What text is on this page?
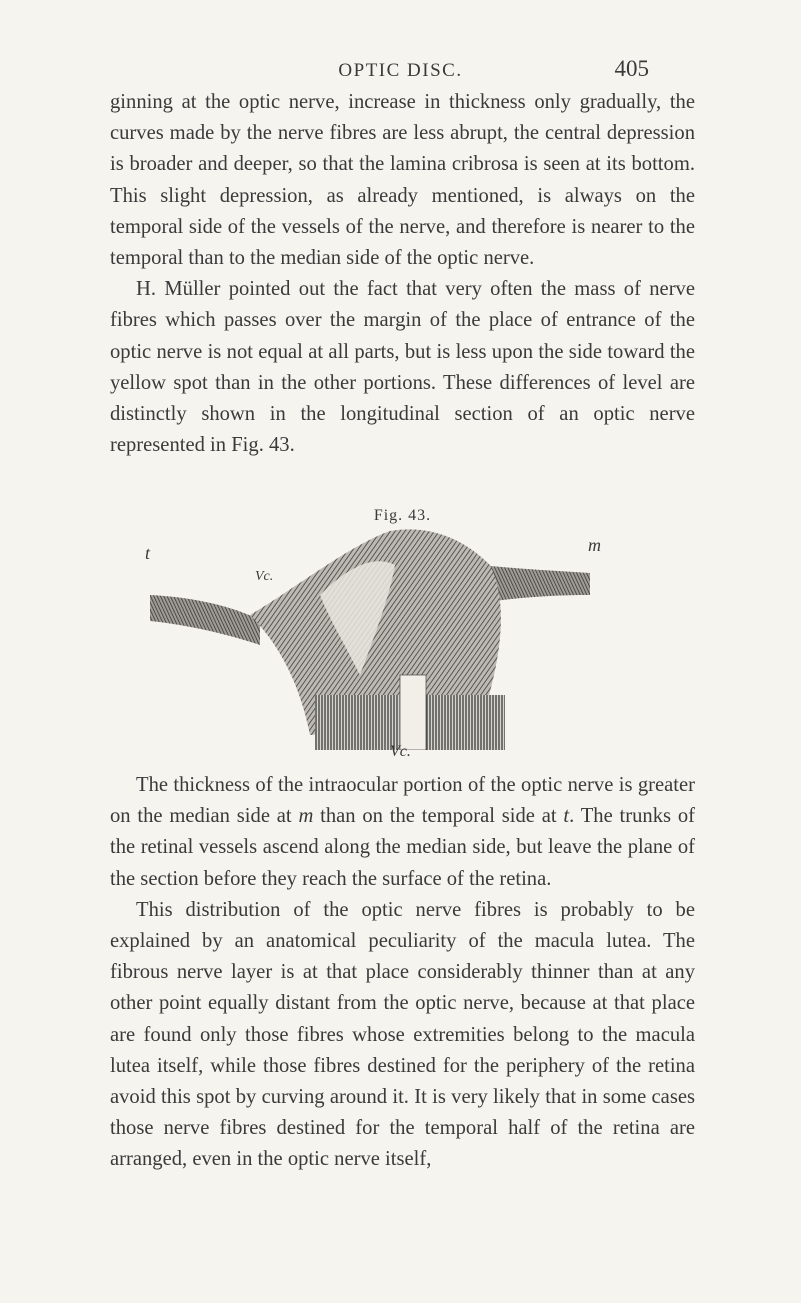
OPTIC DISC.	405

ginning at the optic nerve, increase in thickness only gradually, the curves made by the nerve fibres are less abrupt, the central depression is broader and deeper, so that the lamina cribrosa is seen at its bottom. This slight depression, as already mentioned, is always on the temporal side of the vessels of the nerve, and therefore is nearer to the temporal than to the median side of the optic nerve.

H. Müller pointed out the fact that very often the mass of nerve fibres which passes over the margin of the place of entrance of the optic nerve is not equal at all parts, but is less upon the side toward the yellow spot than in the other portions. These differences of level are distinctly shown in the longitudinal section of an optic nerve represented in Fig. 43.

Fig. 43.
t	m
Vc.
Vc.

The thickness of the intraocular portion of the optic nerve is greater on the median side at m than on the temporal side at t. The trunks of the retinal vessels ascend along the median side, but leave the plane of the section before they reach the surface of the retina.

This distribution of the optic nerve fibres is probably to be explained by an anatomical peculiarity of the macula lutea. The fibrous nerve layer is at that place considerably thinner than at any other point equally distant from the optic nerve, because at that place are found only those fibres whose extremities belong to the macula lutea itself, while those fibres destined for the periphery of the retina avoid this spot by curving around it. It is very likely that in some cases those nerve fibres destined for the temporal half of the retina are arranged, even in the optic nerve itself,
